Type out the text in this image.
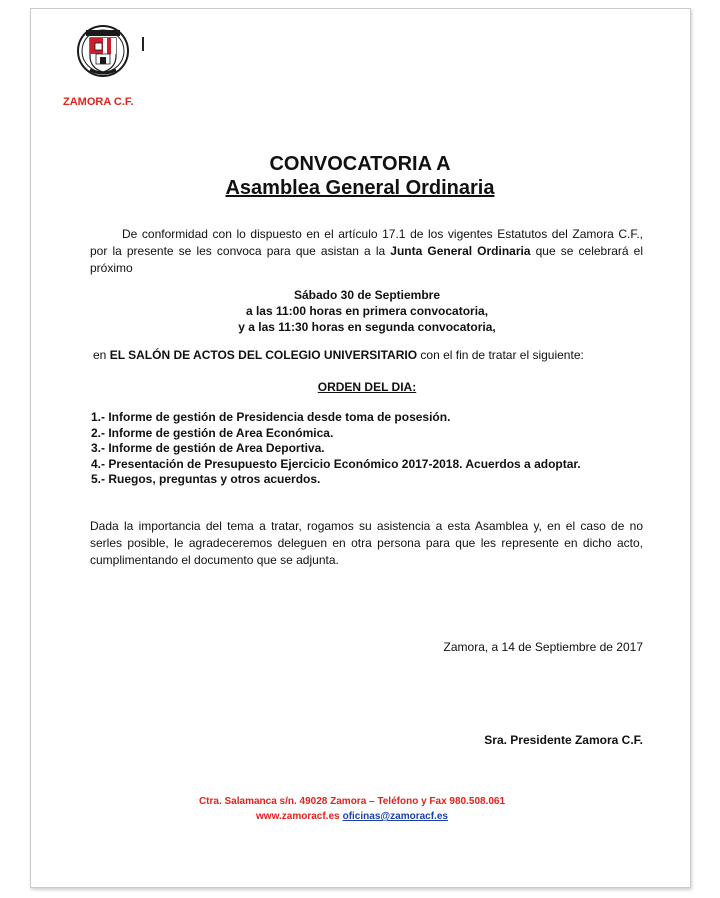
ZAMORA C.F.
CONVOCATORIA A
Asamblea General Ordinaria
De conformidad con lo dispuesto en el artículo 17.1 de los vigentes Estatutos del Zamora C.F., por la presente se les convoca para que asistan a la Junta General Ordinaria que se celebrará el próximo
Sábado 30 de Septiembre
a las 11:00 horas en primera convocatoria,
y a las 11:30 horas en segunda convocatoria,
en EL SALÓN DE ACTOS DEL COLEGIO UNIVERSITARIO con el fin de tratar el siguiente:
ORDEN DEL DIA:
1.- Informe de gestión de Presidencia desde toma de posesión.
2.- Informe de gestión de Area Económica.
3.- Informe de gestión de Area Deportiva.
4.- Presentación de Presupuesto Ejercicio Económico 2017-2018. Acuerdos a adoptar.
5.- Ruegos, preguntas y otros acuerdos.
Dada la importancia del tema a tratar, rogamos su asistencia a esta Asamblea y, en el caso de no serles posible, le agradeceremos deleguen en otra persona para que les represente en dicho acto, cumplimentando el documento que se adjunta.
Zamora, a 14 de Septiembre de 2017
Sra. Presidente Zamora C.F.
Ctra. Salamanca s/n. 49028 Zamora – Teléfono y Fax 980.508.061
www.zamoracf.es oficinas@zamoracf.es
